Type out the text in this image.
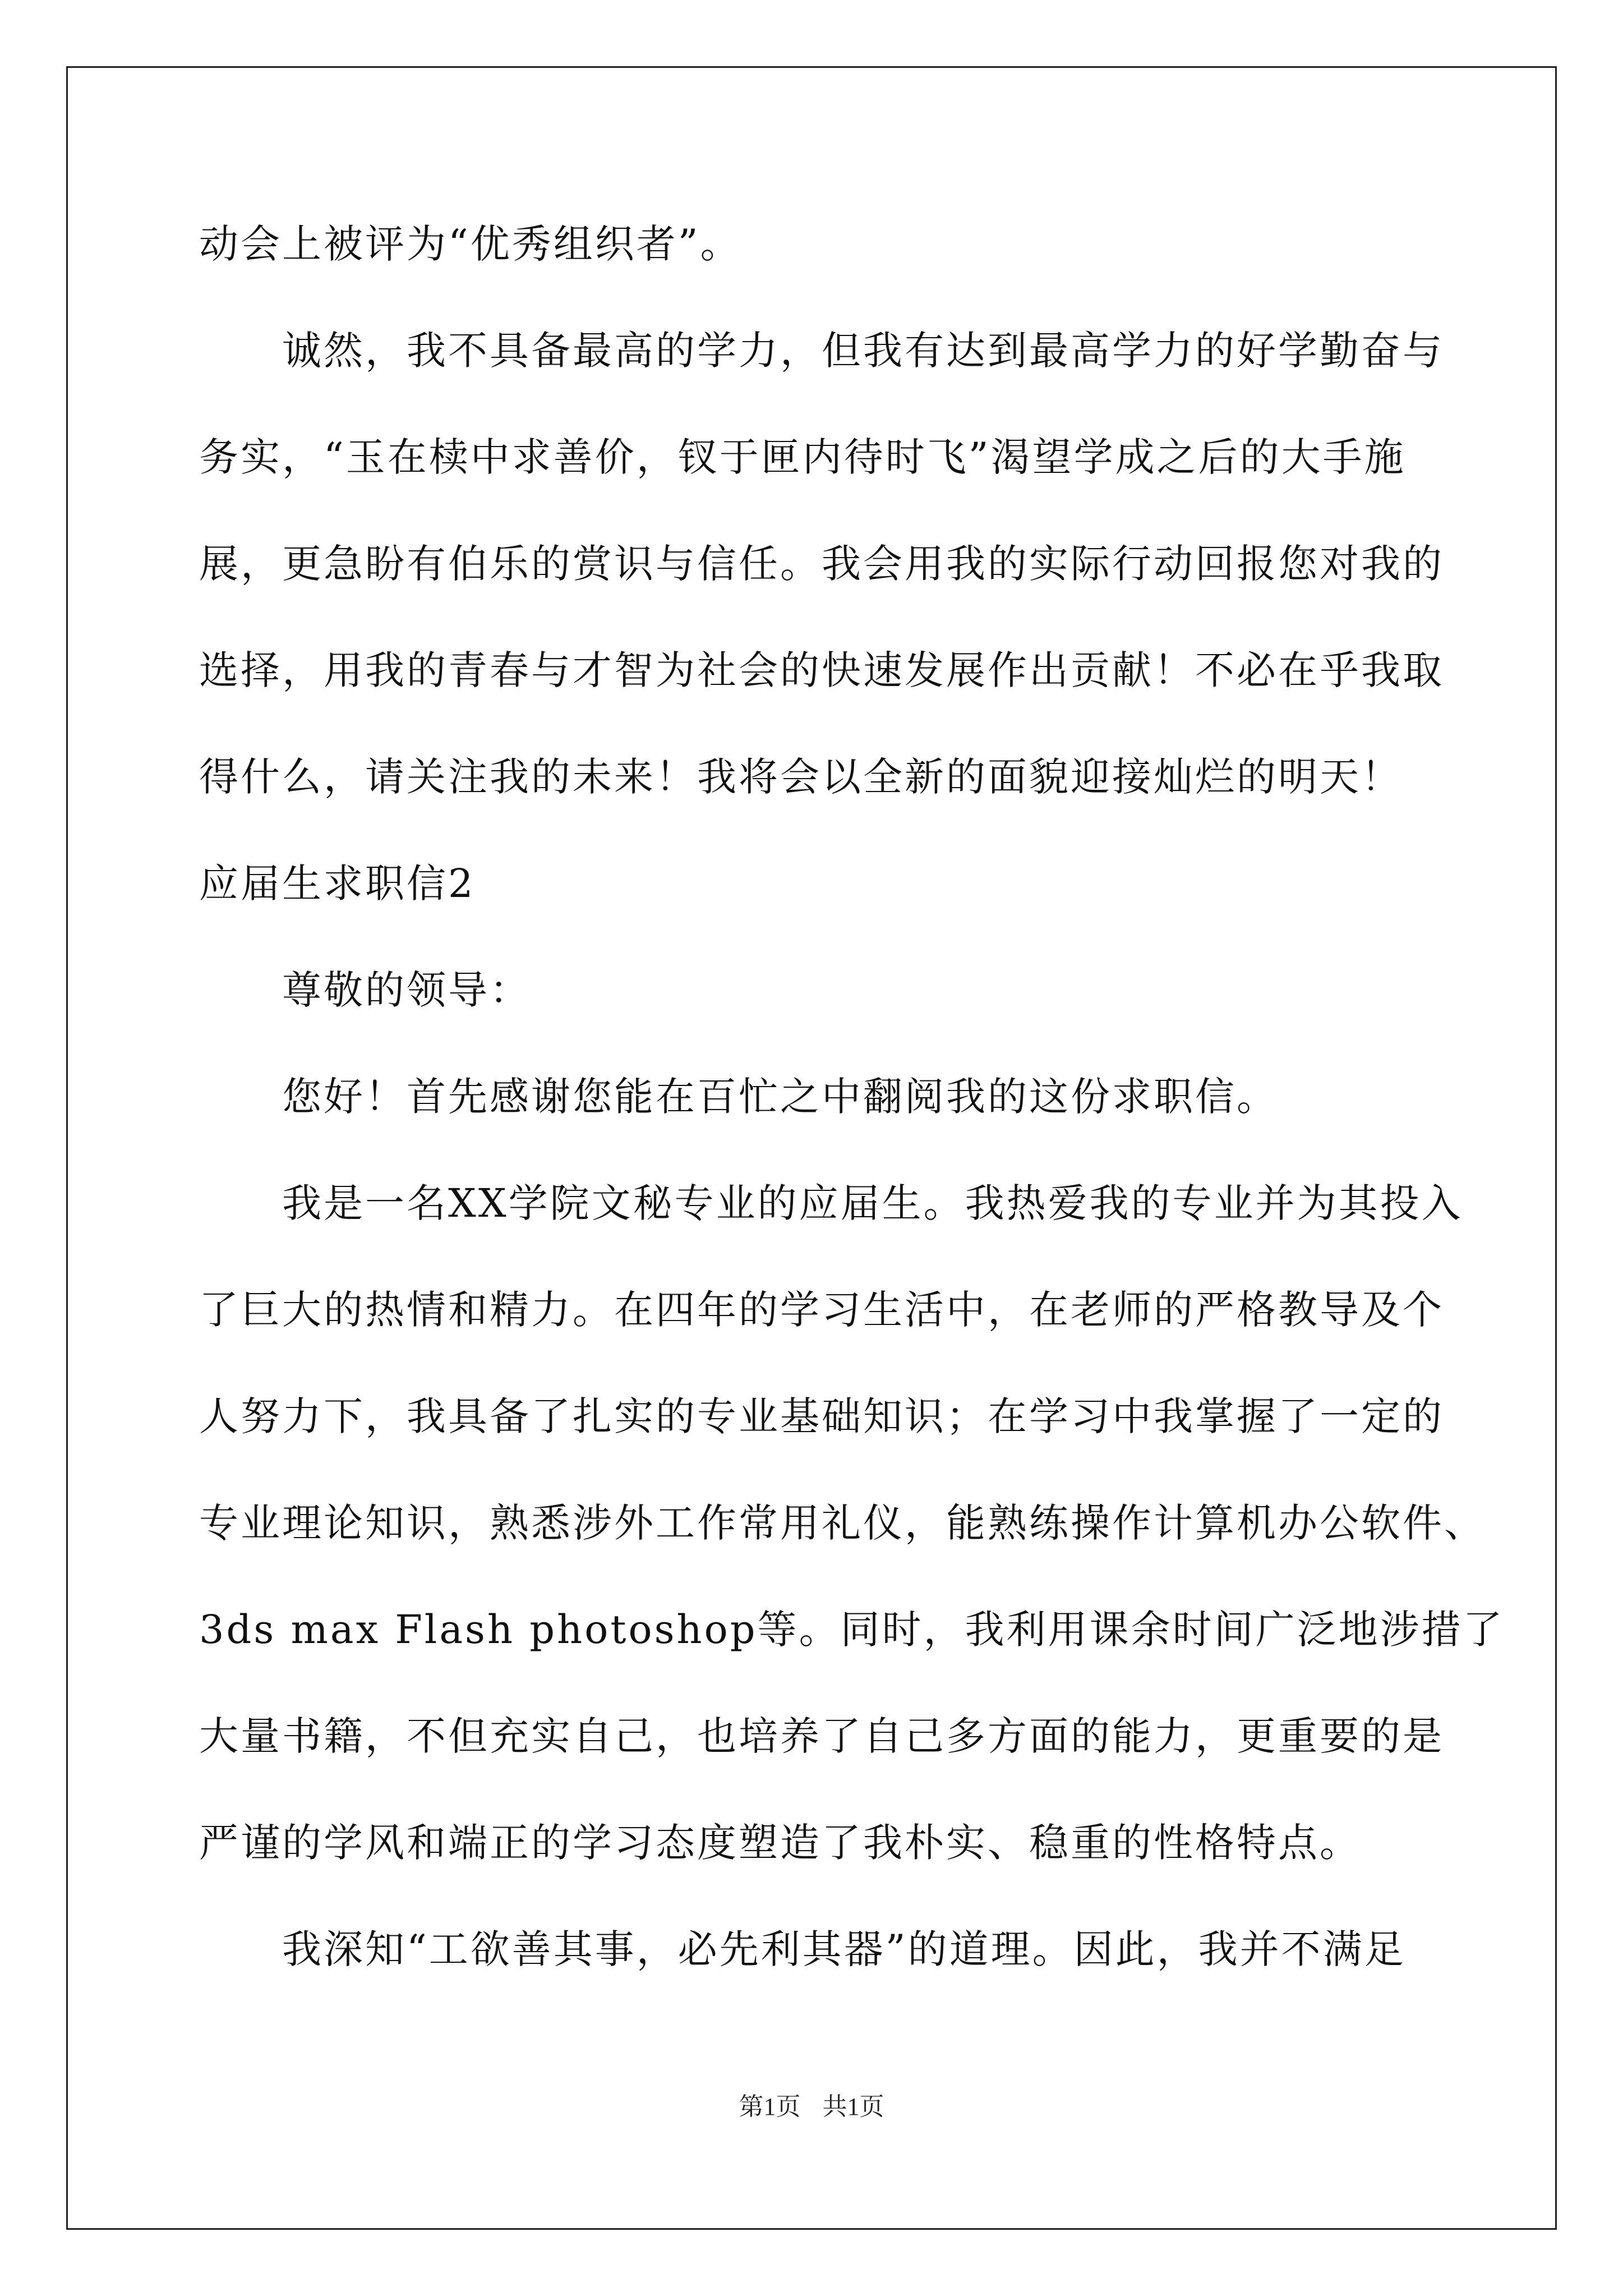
动会上被评为“优秀组织者”。
诚然，我不具备最高的学力，但我有达到最高学力的好学勤奋与
务实，“玉在椟中求善价，钗于匣内待时飞”渴望学成之后的大手施
展，更急盼有伯乐的赏识与信任。我会用我的实际行动回报您对我的
选择，用我的青春与才智为社会的快速发展作出贡献！不必在乎我取
得什么，请关注我的未来！我将会以全新的面貌迎接灿烂的明天！
应届生求职信2
尊敬的领导：
您好！首先感谢您能在百忙之中翻阅我的这份求职信。
我是一名XX学院文秘专业的应届生。我热爱我的专业并为其投入
了巨大的热情和精力。在四年的学习生活中，在老师的严格教导及个
人努力下，我具备了扎实的专业基础知识；在学习中我掌握了一定的
专业理论知识，熟悉涉外工作常用礼仪，能熟练操作计算机办公软件、
3ds max Flash photoshop等。同时，我利用课余时间广泛地涉措了
大量书籍，不但充实自己，也培养了自己多方面的能力，更重要的是
严谨的学风和端正的学习态度塑造了我朴实、稳重的性格特点。
我深知“工欲善其事，必先利其器”的道理。因此，我并不满足
第1页 共1页
